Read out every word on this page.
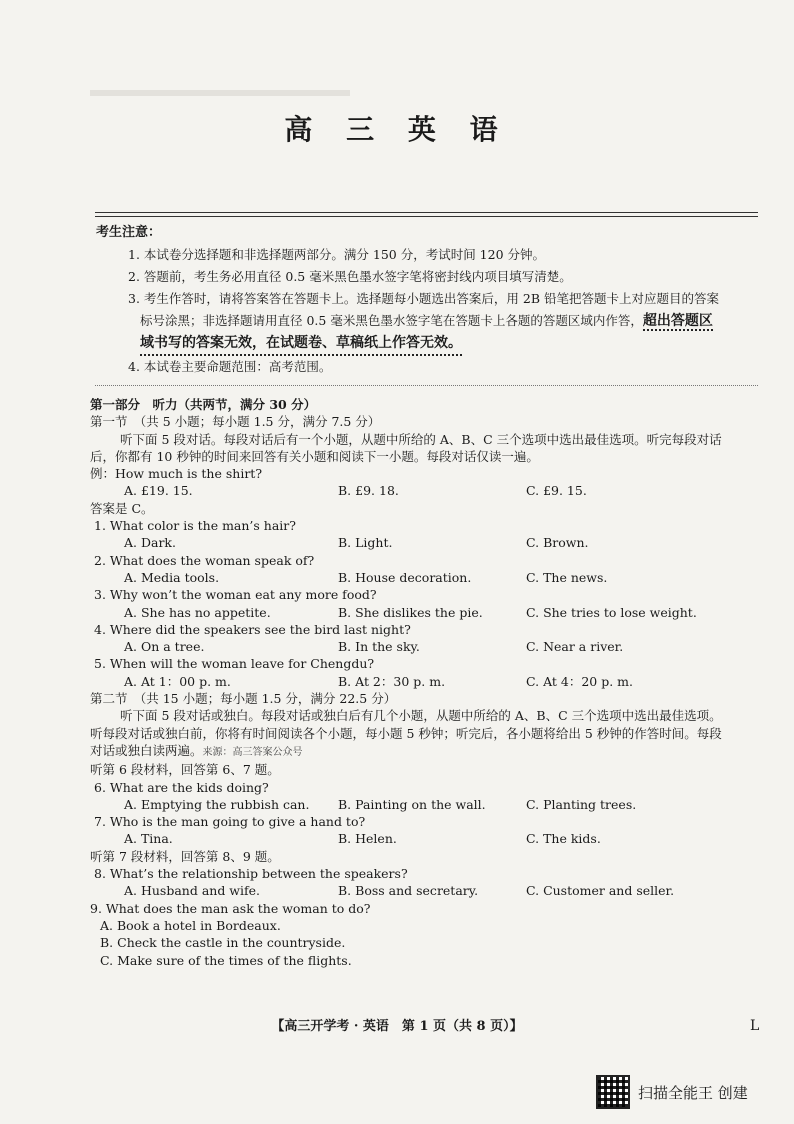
高 三 英 语
考生注意：
1. 本试卷分选择题和非选择题两部分。满分 150 分，考试时间 120 分钟。
2. 答题前，考生务必用直径 0.5 毫米黑色墨水签字笔将密封线内项目填写清楚。
3. 考生作答时，请将答案答在答题卡上。选择题每小题选出答案后，用 2B 铅笔把答题卡上对应题目的答案
标号涂黑；非选择题请用直径 0.5 毫米黑色墨水签字笔在答题卡上各题的答题区域内作答，超出答题区
域书写的答案无效，在试题卷、草稿纸上作答无效。
4. 本试卷主要命题范围：高考范围。
第一部分　听力（共两节，满分 30 分）
第一节　（共 5 小题；每小题 1.5 分，满分 7.5 分）
听下面 5 段对话。每段对话后有一个小题，从题中所给的 A、B、C 三个选项中选出最佳选项。听完每段对话
后，你都有 10 秒钟的时间来回答有关小题和阅读下一小题。每段对话仅读一遍。
例：How much is the shirt?
A. £19. 15.	B. £9. 18.	C. £9. 15.
答案是 C。
1. What color is the man’s hair?
A. Dark.	B. Light.	C. Brown.
2. What does the woman speak of?
A. Media tools.	B. House decoration.	C. The news.
3. Why won’t the woman eat any more food?
A. She has no appetite.	B. She dislikes the pie.	C. She tries to lose weight.
4. Where did the speakers see the bird last night?
A. On a tree.	B. In the sky.	C. Near a river.
5. When will the woman leave for Chengdu?
A. At 1：00 p. m.	B. At 2：30 p. m.	C. At 4：20 p. m.
第二节　（共 15 小题；每小题 1.5 分，满分 22.5 分）
听下面 5 段对话或独白。每段对话或独白后有几个小题，从题中所给的 A、B、C 三个选项中选出最佳选项。
听每段对话或独白前，你将有时间阅读各个小题，每小题 5 秒钟；听完后，各小题将给出 5 秒钟的作答时间。每段
对话或独白读两遍。来源：高三答案公众号
听第 6 段材料，回答第 6、7 题。
6. What are the kids doing?
A. Emptying the rubbish can.	B. Painting on the wall.	C. Planting trees.
7. Who is the man going to give a hand to?
A. Tina.	B. Helen.	C. The kids.
听第 7 段材料，回答第 8、9 题。
8. What’s the relationship between the speakers?
A. Husband and wife.	B. Boss and secretary.	C. Customer and seller.
9. What does the man ask the woman to do?
A. Book a hotel in Bordeaux.
B. Check the castle in the countryside.
C. Make sure of the times of the flights.
【高三开学考 · 英语　第 1 页（共 8 页）】	L
扫描全能王 创建
